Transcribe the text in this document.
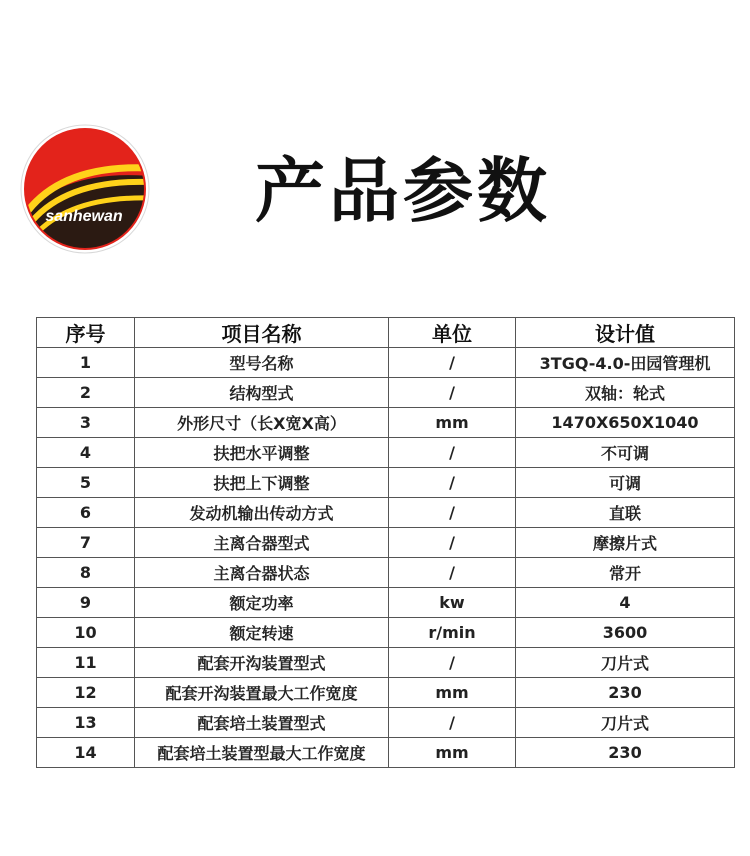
sanhewan 产品参数
序号	项目名称	单位	设计值
1	型号名称	/	3TGQ-4.0-田园管理机
2	结构型式	/	双轴：轮式
3	外形尺寸（长X宽X高）	mm	1470X650X1040
4	扶把水平调整	/	不可调
5	扶把上下调整	/	可调
6	发动机输出传动方式	/	直联
7	主离合器型式	/	摩擦片式
8	主离合器状态	/	常开
9	额定功率	kw	4
10	额定转速	r/min	3600
11	配套开沟装置型式	/	刀片式
12	配套开沟装置最大工作宽度	mm	230
13	配套培土装置型式	/	刀片式
14	配套培土装置型最大工作宽度	mm	230
